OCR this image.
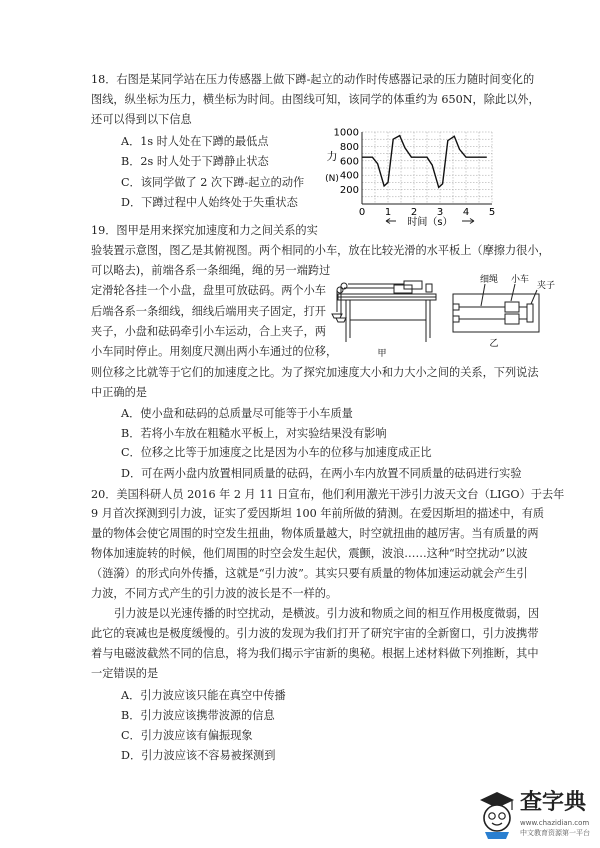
18．右图是某同学站在压力传感器上做下蹲-起立的动作时传感器记录的压力随时间变化的
图线，纵坐标为压力，横坐标为时间。由图线可知，该同学的体重约为 650N，除此以外，
还可以得到以下信息
A．1s 时人处在下蹲的最低点
B．2s 时人处于下蹲静止状态
C．该同学做了 2 次下蹲-起立的动作
D．下蹲过程中人始终处于失重状态
1000
800
600
400
200
0 1 2 3 4 5
力
(N)
时间（s）
19．图甲是用来探究加速度和力之间关系的实
验装置示意图，图乙是其俯视图。两个相同的小车，放在比较光滑的水平板上（摩擦力很小，
可以略去)，前端各系一条细绳，绳的另一端跨过
定滑轮各挂一个小盘，盘里可放砝码。两个小车
后端各系一条细线，细线后端用夹子固定，打开
夹子，小盘和砝码牵引小车运动，合上夹子，两
小车同时停止。用刻度尺测出两小车通过的位移，
则位移之比就等于它们的加速度之比。为了探究加速度大小和力大小之间的关系，下列说法
中正确的是
A．使小盘和砝码的总质量尽可能等于小车质量
B．若将小车放在粗糙水平板上，对实验结果没有影响
C．位移之比等于加速度之比是因为小车的位移与加速度成正比
D．可在两小盘内放置相同质量的砝码，在两小车内放置不同质量的砝码进行实验
甲
细绳 小车
夹子
乙
20．美国科研人员 2016 年 2 月 11 日宣布，他们利用激光干涉引力波天文台（LIGO）于去年
9 月首次探测到引力波，证实了爱因斯坦 100 年前所做的猜测。在爱因斯坦的描述中，有质
量的物体会使它周围的时空发生扭曲，物体质量越大，时空就扭曲的越厉害。当有质量的两
物体加速旋转的时候，他们周围的时空会发生起伏，震颤，波浪……这种“时空扰动”以波
（涟漪）的形式向外传播，这就是“引力波”。其实只要有质量的物体加速运动就会产生引
力波，不同方式产生的引力波的波长是不一样的。
引力波是以光速传播的时空扰动，是横波。引力波和物质之间的相互作用极度微弱，因
此它的衰减也是极度缓慢的。引力波的发现为我们打开了研究宇宙的全新窗口，引力波携带
着与电磁波截然不同的信息，将为我们揭示宇宙新的奥秘。根据上述材料做下列推断，其中
一定错误的是
A．引力波应该只能在真空中传播
B．引力波应该携带波源的信息
C．引力波应该有偏振现象
D．引力波应该不容易被探测到
查字典
www.chazidian.com
中文教育资源第一平台
